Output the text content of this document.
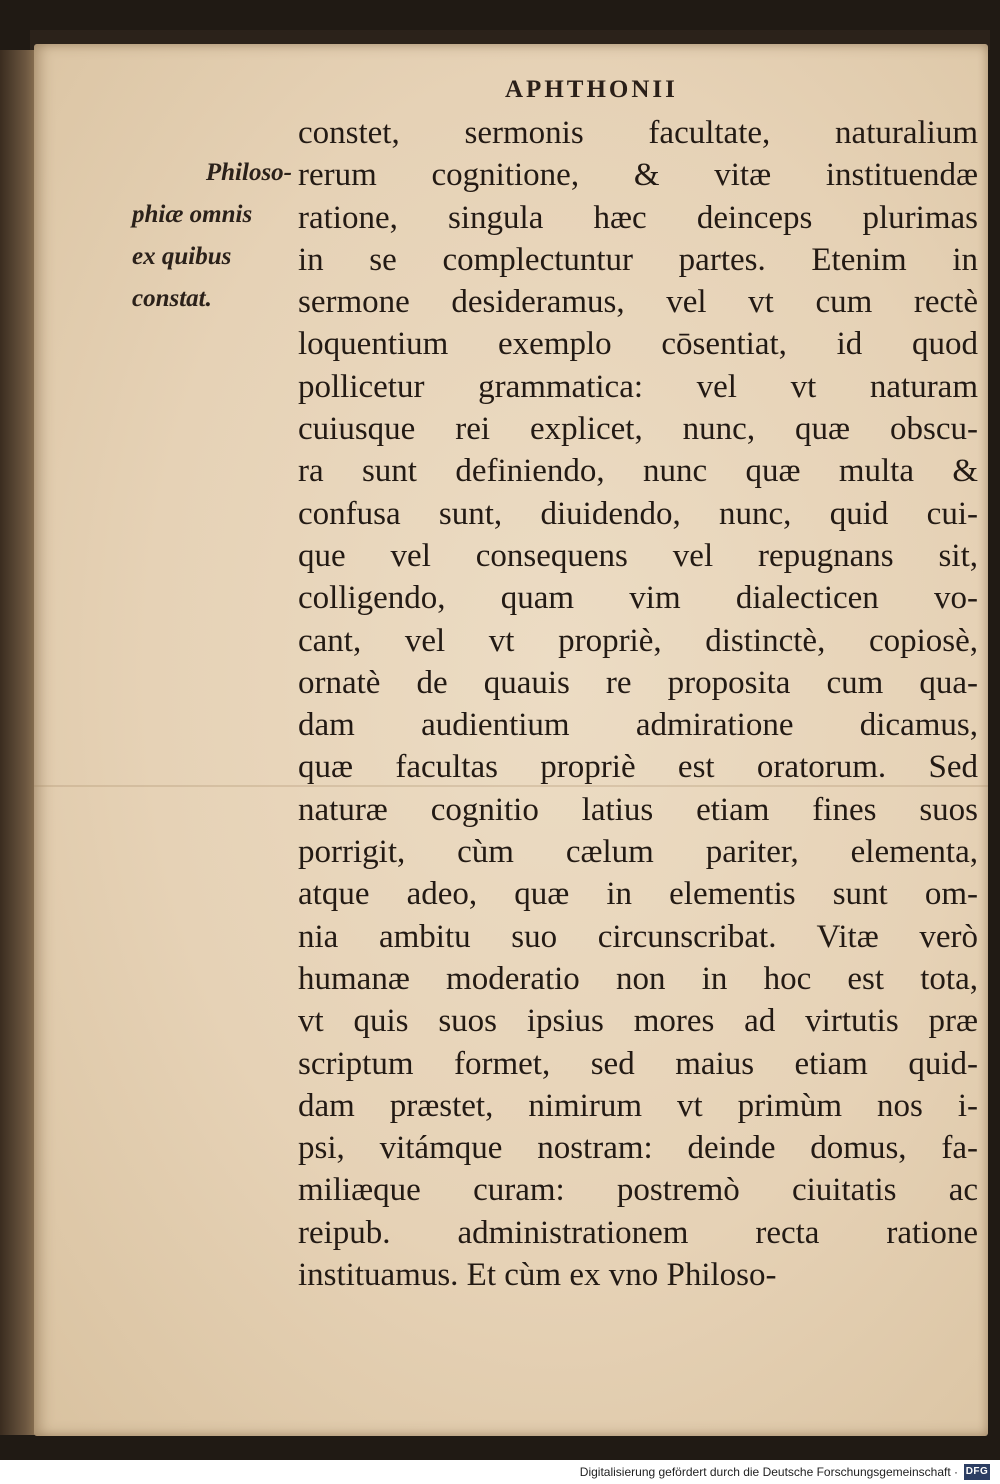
APHTHONII
Philoso-
phiæ omnis
ex quibus
constat.
constet, sermonis facultate, naturalium
rerum cognitione, & vitæ instituendæ
ratione, singula hæc deinceps plurimas
in se complectuntur partes. Etenim in
sermone desideramus, vel vt cum rectè
loquentium exemplo cōsentiat, id quod
pollicetur grammatica: vel vt naturam
cuiusque rei explicet, nunc, quæ obscu-
ra sunt definiendo, nunc quæ multa &
confusa sunt, diuidendo, nunc, quid cui-
que vel consequens vel repugnans sit,
colligendo, quam vim dialecticen vo-
cant, vel vt propriè, distinctè, copiosè,
ornatè de quauis re proposita cum qua-
dam audientium admiratione dicamus,
quæ facultas propriè est oratorum. Sed
naturæ cognitio latius etiam fines suos
porrigit, cùm cælum pariter, elementa,
atque adeo, quæ in elementis sunt om-
nia ambitu suo circunscribat. Vitæ verò
humanæ moderatio non in hoc est tota,
vt quis suos ipsius mores ad virtutis præ
scriptum formet, sed maius etiam quid-
dam præstet, nimirum vt primùm nos i-
psi, vitámque nostram: deinde domus, fa-
miliæque curam: postremò ciuitatis ac
reipub. administrationem recta ratione
instituamus. Et cùm ex vno Philoso-
Digitalisierung gefördert durch die Deutsche Forschungsgemeinschaft · DFG
